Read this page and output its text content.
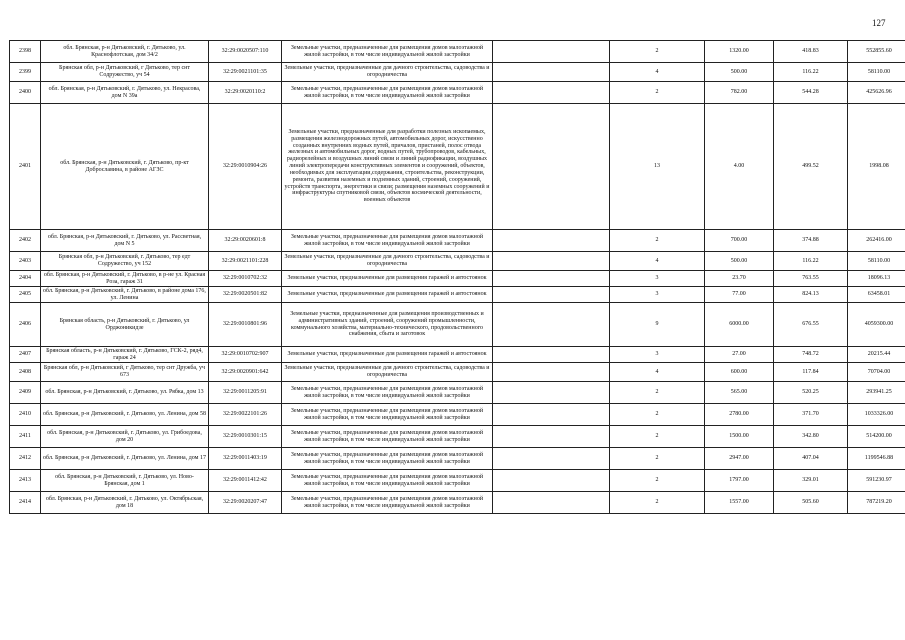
127
2398	обл. Брянская, р-н Дятьковский, г. Дятьково, ул. Краснофлотская, дом 34/2	32:29:0020507:110	Земельные участки, предназначенные для размещения домов малоэтажной жилой застройки, в том числе индивидуальной жилой застройки		2	1320.00	418.83	552855.60
2399	Брянская обл, р-н Дятьковский, г Дятьково, тер снт Содружество, уч 54	32:29:0021101:35	Земельные участки, предназначенные для дачного строительства, садоводства и огородничества		4	500.00	116.22	58110.00
2400	обл. Брянская, р-н Дятьковский, г. Дятьково, ул. Некрасова, дом N 39а	32:29:0020110:2	Земельные участки, предназначенные для размещения домов малоэтажной жилой застройки, в том числе индивидуальной жилой застройки		2	782.00	544.28	425626.96
2401	обл. Брянская, р-н Дятьковский, г. Дятьково, пр-кт Доброславина, в районе АГЗС	32:29:0010904:26	Земельные участки, предназначенные для разработки полезных ископаемых, размещения железнодорожных путей, автомобильных дорог, искусственно созданных внутренних водных путей, причалов, пристаней, полос отвода железных и автомобильных дорог, водных путей, трубопроводов, кабельных, радиорелейных и воздушных линий связи и линий радиофикации, воздушных линий электропередачи конструктивных элементов и сооружений, объектов, необходимых для эксплуатации,содержания, строительства, реконструкции, ремонта, развития наземных и подземных зданий, строений, сооружений, устройств транспорта, энергетики и связи; размещения наземных сооружений и инфраструктуры спутниковой связи, объектов космической деятельности, военных объектов		13	4.00	499.52	1998.08
2402	обл. Брянская, р-н Дятьковский, г. Дятьково, ул. Рассветная, дом N 5	32:29:0020601:8	Земельные участки, предназначенные для размещения домов малоэтажной жилой застройки, в том числе индивидуальной жилой застройки		2	700.00	374.88	262416.00
2403	Брянская обл, р-н Дятьковский, г. Дятьково, тер едт Содружество, уч 152	32:29:0021101:228	Земельные участки, предназначенные для дачного строительства, садоводства и огородничества		4	500.00	116.22	58110.00
2404	обл. Брянская, р-н Дятьковский, г. Дятьково, в р-не ул. Красная Роза, гараж 31	32:29:0010702:32	Земельные участки, предназначенные для размещения гаражей и автостоянок		3	23.70	763.55	18096.13
2405	обл. Брянская, р-н Дятьковский, г. Дятьково, в районе дома 176, ул. Ленина	32:29:0020501:82	Земельные участки, предназначенные для размещения гаражей и автостоянок		3	77.00	824.13	63458.01
2406	Брянская область, р-н Дятьковский, г. Дятьково, ул Орджоникидзе	32:29:0010801:96	Земельные участки, предназначенные для размещения производственных и административных зданий, строений, сооружений промышленности, коммунального хозяйства, материально-технического, продовольственного снабжения, сбыта и заготовок		9	6000.00	676.55	4059300.00
2407	Брянская область, р-н Дятьковский, г. Дятьково, ГСК-2, ряд4, гараж 24	32:29:0010702:907	Земельные участки, предназначенные для размещения гаражей и автостоянок		3	27.00	748.72	20215.44
2408	Брянская обл, р-н Дятьковский, г Дятьково, тер снт Дружба, уч 673	32:29:0020901:642	Земельные участки, предназначенные для дачного строительства, садоводства и огородничества		4	600.00	117.84	70704.00
2409	обл. Брянская, р-н Дятьковский, г. Дятьково, ул. Рябка, дом 13	32:29:0011205:91	Земельные участки, предназначенные для размещения домов малоэтажной жилой застройки, в том числе индивидуальной жилой застройки		2	565.00	520.25	293941.25
2410	обл. Брянская, р-н Дятьковский, г. Дятьково, ул. Ленина, дом 58	32:29:0022101:26	Земельные участки, предназначенные для размещения домов малоэтажной жилой застройки, в том числе индивидуальной жилой застройки		2	2780.00	371.70	1033326.00
2411	обл. Брянская, р-н Дятьковский, г. Дятьково, ул. Грибоедова, дом 20	32:29:0010301:15	Земельные участки, предназначенные для размещения домов малоэтажной жилой застройки, в том числе индивидуальной жилой застройки		2	1500.00	342.80	514200.00
2412	обл. Брянская, р-н Дятьковский, г. Дятьково, ул. Ленина, дом 17	32:29:0011403:19	Земельные участки, предназначенные для размещения домов малоэтажной жилой застройки, в том числе индивидуальной жилой застройки		2	2947.00	407.04	1199546.88
2413	обл. Брянская, р-н Дятьковский, г. Дятьково, ул. Ново-Брянская, дом 1	32:29:0011412:42	Земельные участки, предназначенные для размещения домов малоэтажной жилой застройки, в том числе индивидуальной жилой застройки		2	1797.00	329.01	591230.97
2414	обл. Брянская, р-н Дятьковский, г. Дятьково, ул. Октябрьская, дом 18	32:29:0020207:47	Земельные участки, предназначенные для размещения домов малоэтажной жилой застройки, в том числе индивидуальной жилой застройки		2	1557.00	505.60	787219.20
